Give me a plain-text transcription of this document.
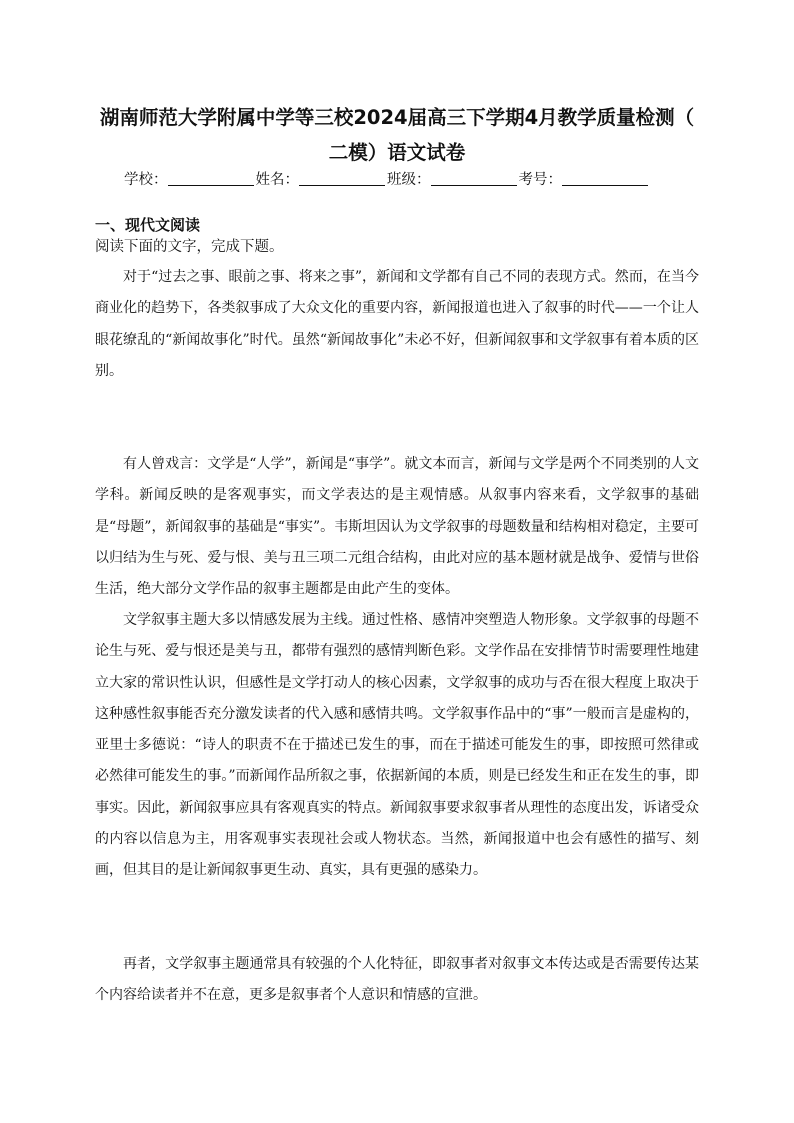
湖南师范大学附属中学等三校2024届高三下学期4月教学质量检测（
二模）语文试卷
学校：	姓名：	班级：	考号：
一、现代文阅读
阅读下面的文字，完成下题。

对于“过去之事、眼前之事、将来之事”，新闻和文学都有自己不同的表现方式。然而，在当今商业化的趋势下，各类叙事成了大众文化的重要内容，新闻报道也进入了叙事的时代——一个让人眼花缭乱的“新闻故事化”时代。虽然“新闻故事化”未必不好，但新闻叙事和文学叙事有着本质的区别。

有人曾戏言：文学是“人学”，新闻是“事学”。就文本而言，新闻与文学是两个不同类别的人文学科。新闻反映的是客观事实，而文学表达的是主观情感。从叙事内容来看，文学叙事的基础是“母题”，新闻叙事的基础是“事实”。韦斯坦因认为文学叙事的母题数量和结构相对稳定，主要可以归结为生与死、爱与恨、美与丑三项二元组合结构，由此对应的基本题材就是战争、爱情与世俗生活，绝大部分文学作品的叙事主题都是由此产生的变体。

文学叙事主题大多以情感发展为主线。通过性格、感情冲突塑造人物形象。文学叙事的母题不论生与死、爱与恨还是美与丑，都带有强烈的感情判断色彩。文学作品在安排情节时需要理性地建立大家的常识性认识，但感性是文学打动人的核心因素，文学叙事的成功与否在很大程度上取决于这种感性叙事能否充分激发读者的代入感和感情共鸣。文学叙事作品中的“事”一般而言是虚构的，亚里士多德说：“诗人的职责不在于描述已发生的事，而在于描述可能发生的事，即按照可然律或必然律可能发生的事。”而新闻作品所叙之事，依据新闻的本质，则是已经发生和正在发生的事，即事实。因此，新闻叙事应具有客观真实的特点。新闻叙事要求叙事者从理性的态度出发，诉诸受众的内容以信息为主，用客观事实表现社会或人物状态。当然，新闻报道中也会有感性的描写、刻画，但其目的是让新闻叙事更生动、真实，具有更强的感染力。

再者，文学叙事主题通常具有较强的个人化特征，即叙事者对叙事文本传达或是否需要传达某个内容给读者并不在意，更多是叙事者个人意识和情感的宣泄。
